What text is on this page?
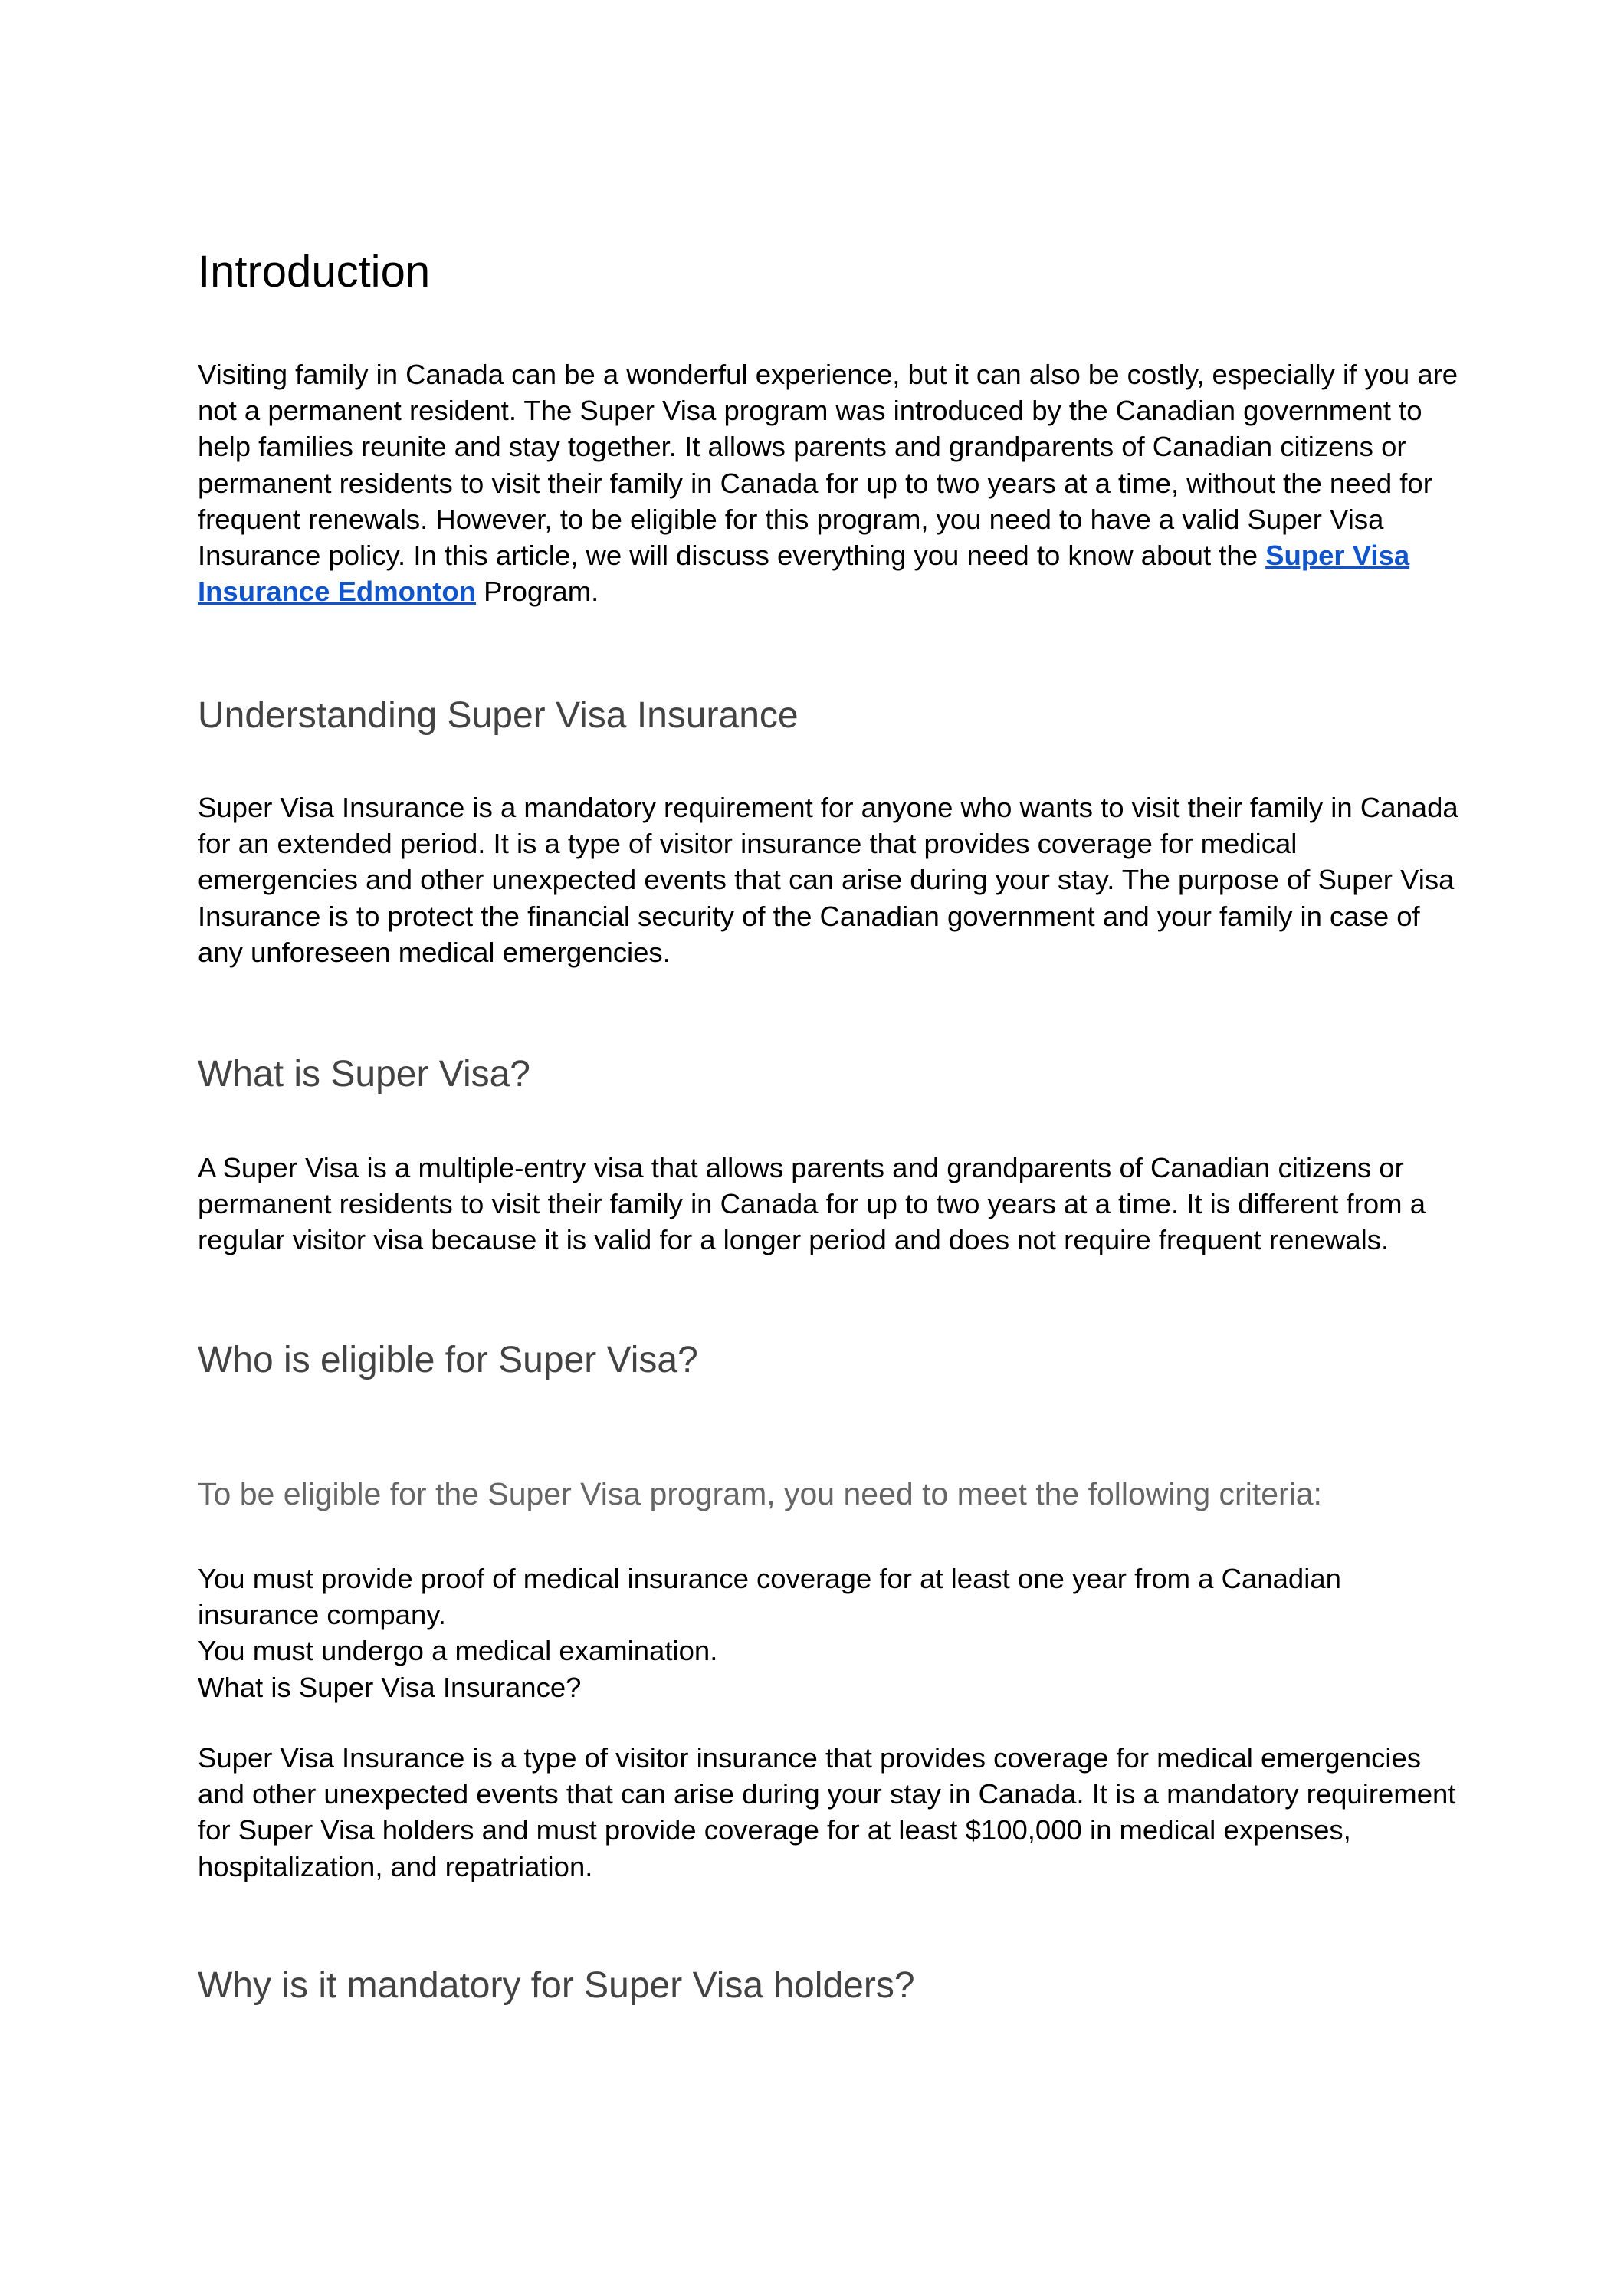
Introduction
Visiting family in Canada can be a wonderful experience, but it can also be costly, especially if you are
not a permanent resident. The Super Visa program was introduced by the Canadian government to
help families reunite and stay together. It allows parents and grandparents of Canadian citizens or
permanent residents to visit their family in Canada for up to two years at a time, without the need for
frequent renewals. However, to be eligible for this program, you need to have a valid Super Visa
Insurance policy. In this article, we will discuss everything you need to know about the Super Visa
Insurance Edmonton Program.
Understanding Super Visa Insurance
Super Visa Insurance is a mandatory requirement for anyone who wants to visit their family in Canada
for an extended period. It is a type of visitor insurance that provides coverage for medical
emergencies and other unexpected events that can arise during your stay. The purpose of Super Visa
Insurance is to protect the financial security of the Canadian government and your family in case of
any unforeseen medical emergencies.
What is Super Visa?
A Super Visa is a multiple-entry visa that allows parents and grandparents of Canadian citizens or
permanent residents to visit their family in Canada for up to two years at a time. It is different from a
regular visitor visa because it is valid for a longer period and does not require frequent renewals.
Who is eligible for Super Visa?
To be eligible for the Super Visa program, you need to meet the following criteria:
You must provide proof of medical insurance coverage for at least one year from a Canadian
insurance company.
You must undergo a medical examination.
What is Super Visa Insurance?
Super Visa Insurance is a type of visitor insurance that provides coverage for medical emergencies
and other unexpected events that can arise during your stay in Canada. It is a mandatory requirement
for Super Visa holders and must provide coverage for at least $100,000 in medical expenses,
hospitalization, and repatriation.
Why is it mandatory for Super Visa holders?
